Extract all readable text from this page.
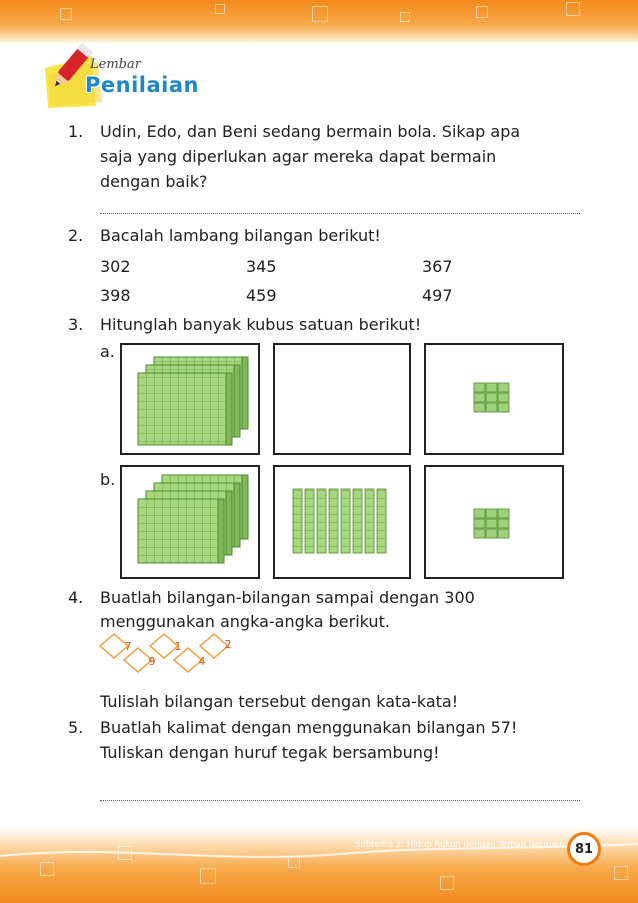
Lembar
Penilaian
1. Udin, Edo, dan Beni sedang bermain bola. Sikap apa
saja yang diperlukan agar mereka dapat bermain
dengan baik?
2. Bacalah lambang bilangan berikut!
302	345	367
398	459	497
3. Hitunglah banyak kubus satuan berikut!
a.
b.
4. Buatlah bilangan-bilangan sampai dengan 300
menggunakan angka-angka berikut.
7
9
1
4
2
Tulislah bilangan tersebut dengan kata-kata!
5. Buatlah kalimat dengan menggunakan bilangan 57!
Tuliskan dengan huruf tegak bersambung!
Subtema 2: Hidup Rukun dengan Teman Bermain 81
